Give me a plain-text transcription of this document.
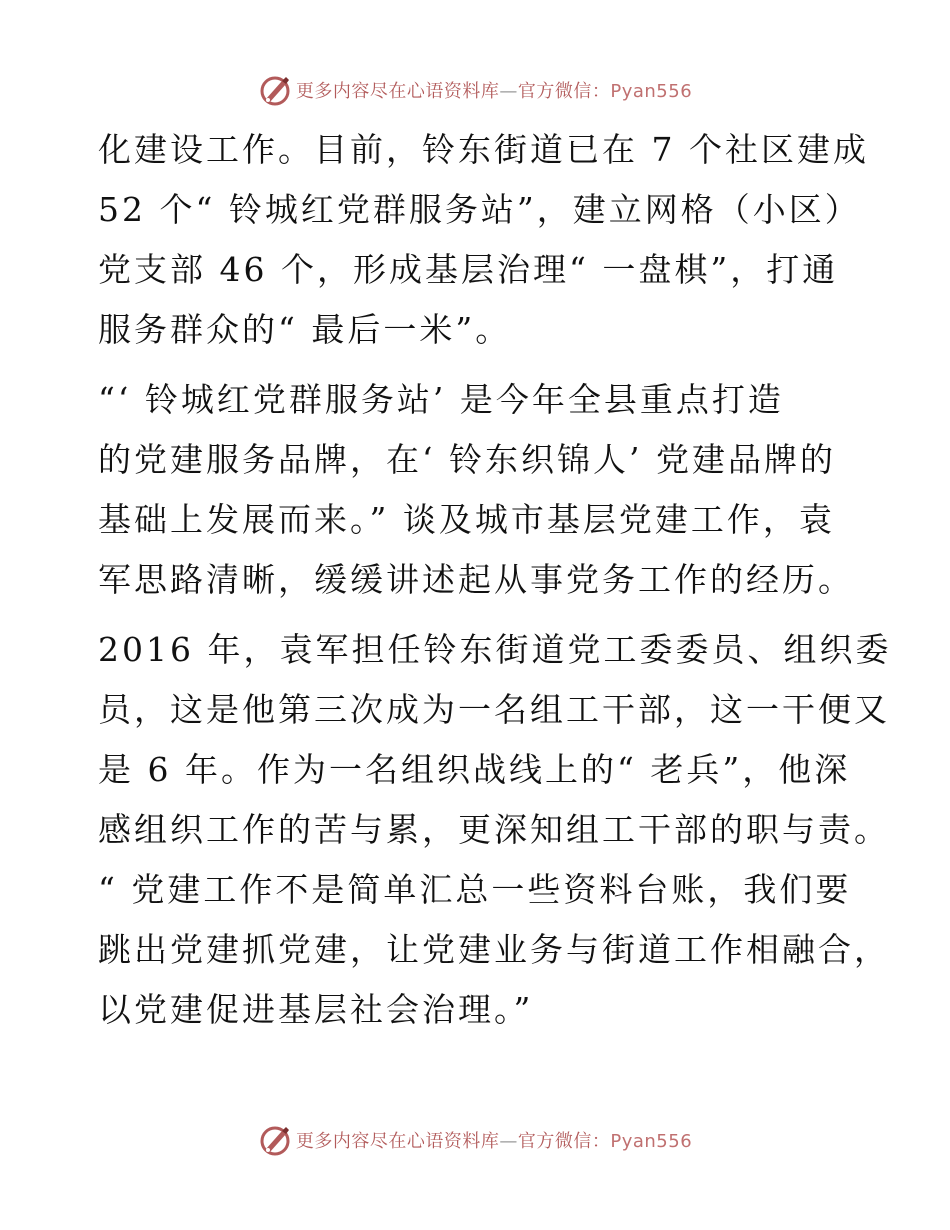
更多内容尽在心语资料库—官方微信：Pyan556

化建设工作。目前，铃东街道已在 7 个社区建成
52 个“ 铃城红党群服务站”，建立网格（小区）
党支部 46 个，形成基层治理“ 一盘棋”，打通
服务群众的“ 最后一米”。

“‘ 铃城红党群服务站’ 是今年全县重点打造
的党建服务品牌，在‘ 铃东织锦人’ 党建品牌的
基础上发展而来。” 谈及城市基层党建工作，袁
军思路清晰，缓缓讲述起从事党务工作的经历。

2016 年，袁军担任铃东街道党工委委员、组织委
员，这是他第三次成为一名组工干部，这一干便又
是 6 年。作为一名组织战线上的“ 老兵”，他深
感组织工作的苦与累，更深知组工干部的职与责。
“ 党建工作不是简单汇总一些资料台账，我们要
跳出党建抓党建，让党建业务与街道工作相融合，
以党建促进基层社会治理。”

更多内容尽在心语资料库—官方微信：Pyan556
